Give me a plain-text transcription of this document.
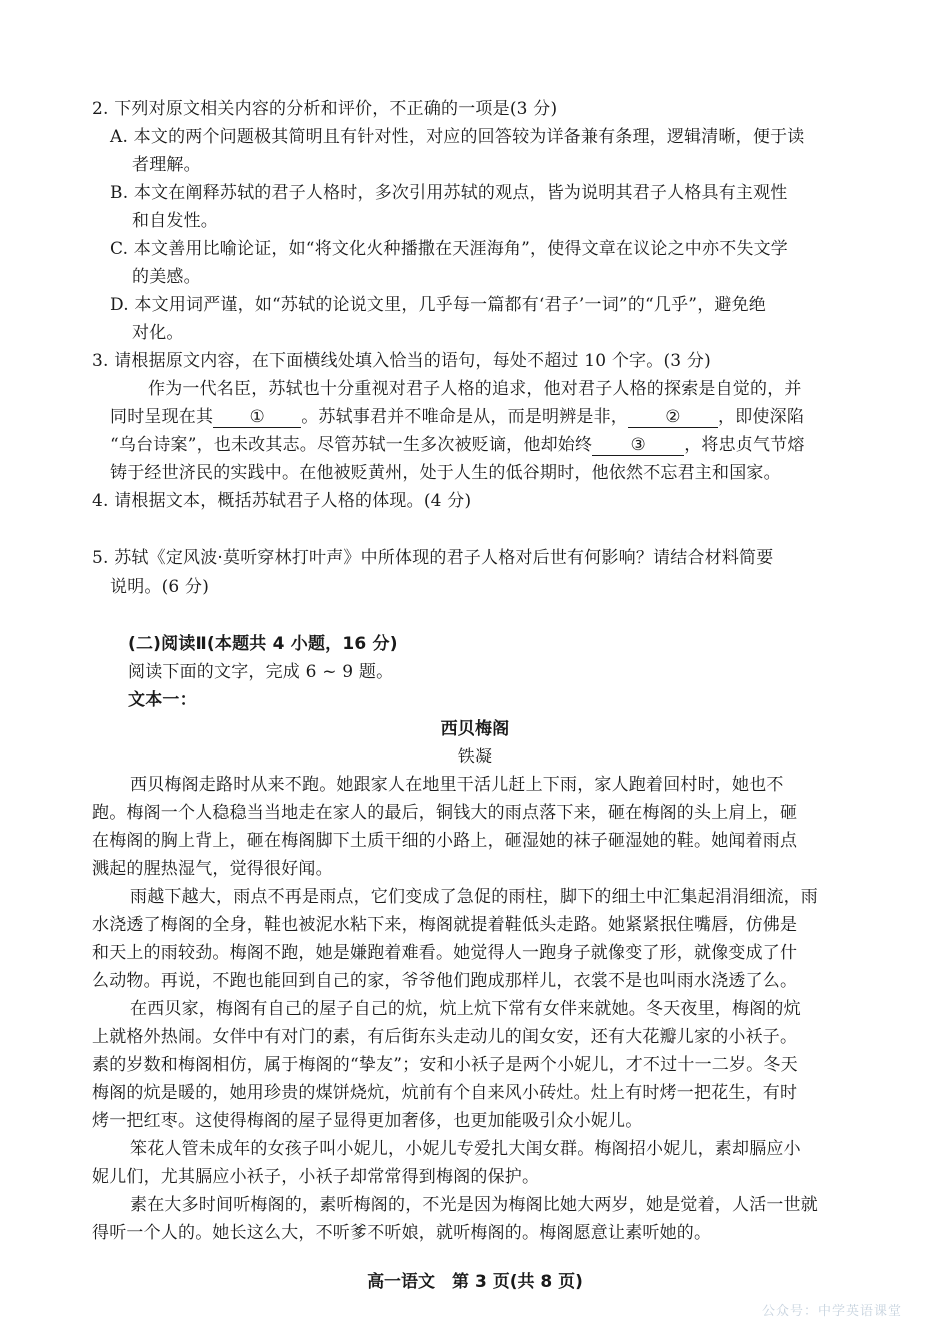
2. 下列对原文相关内容的分析和评价，不正确的一项是(3 分)
A. 本文的两个问题极其简明且有针对性，对应的回答较为详备兼有条理，逻辑清晰，便于读
者理解。
B. 本文在阐释苏轼的君子人格时，多次引用苏轼的观点，皆为说明其君子人格具有主观性
和自发性。
C. 本文善用比喻论证，如“将文化火种播撒在天涯海角”，使得文章在议论之中亦不失文学
的美感。
D. 本文用词严谨，如“苏轼的论说文里，几乎每一篇都有‘君子’一词”的“几乎”，避免绝
对化。
3. 请根据原文内容，在下面横线处填入恰当的语句，每处不超过 10 个字。(3 分)
作为一代名臣，苏轼也十分重视对君子人格的追求，他对君子人格的探索是自觉的，并
同时呈现在其 ① 。苏轼事君并不唯命是从，而是明辨是非， ② ，即使深陷
“乌台诗案”，也未改其志。尽管苏轼一生多次被贬谪，他却始终 ③ ，将忠贞气节熔
铸于经世济民的实践中。在他被贬黄州，处于人生的低谷期时，他依然不忘君主和国家。
4. 请根据文本，概括苏轼君子人格的体现。(4 分)
5. 苏轼《定风波·莫听穿林打叶声》中所体现的君子人格对后世有何影响？请结合材料简要
说明。(6 分)
(二)阅读Ⅱ(本题共 4 小题，16 分)
阅读下面的文字，完成 6 ~ 9 题。
文本一：
西贝梅阁
铁凝
西贝梅阁走路时从来不跑。她跟家人在地里干活儿赶上下雨，家人跑着回村时，她也不
跑。梅阁一个人稳稳当当地走在家人的最后，铜钱大的雨点落下来，砸在梅阁的头上肩上，砸
在梅阁的胸上背上，砸在梅阁脚下土质干细的小路上，砸湿她的袜子砸湿她的鞋。她闻着雨点
溅起的腥热湿气，觉得很好闻。
雨越下越大，雨点不再是雨点，它们变成了急促的雨柱，脚下的细土中汇集起涓涓细流，雨
水浇透了梅阁的全身，鞋也被泥水粘下来，梅阁就提着鞋低头走路。她紧紧抿住嘴唇，仿佛是
和天上的雨较劲。梅阁不跑，她是嫌跑着难看。她觉得人一跑身子就像变了形，就像变成了什
么动物。再说，不跑也能回到自己的家，爷爷他们跑成那样儿，衣裳不是也叫雨水浇透了么。
在西贝家，梅阁有自己的屋子自己的炕，炕上炕下常有女伴来就她。冬天夜里，梅阁的炕
上就格外热闹。女伴中有对门的素，有后街东头走动儿的闺女安，还有大花瓣儿家的小袄子。
素的岁数和梅阁相仿，属于梅阁的“挚友”；安和小袄子是两个小妮儿，才不过十一二岁。冬天
梅阁的炕是暖的，她用珍贵的煤饼烧炕，炕前有个自来风小砖灶。灶上有时烤一把花生，有时
烤一把红枣。这使得梅阁的屋子显得更加奢侈，也更加能吸引众小妮儿。
笨花人管未成年的女孩子叫小妮儿，小妮儿专爱扎大闺女群。梅阁招小妮儿，素却膈应小
妮儿们，尤其膈应小袄子，小袄子却常常得到梅阁的保护。
素在大多时间听梅阁的，素听梅阁的，不光是因为梅阁比她大两岁，她是觉着，人活一世就
得听一个人的。她长这么大，不听爹不听娘，就听梅阁的。梅阁愿意让素听她的。
高一语文　第 3 页(共 8 页)
公众号：中学英语课堂
